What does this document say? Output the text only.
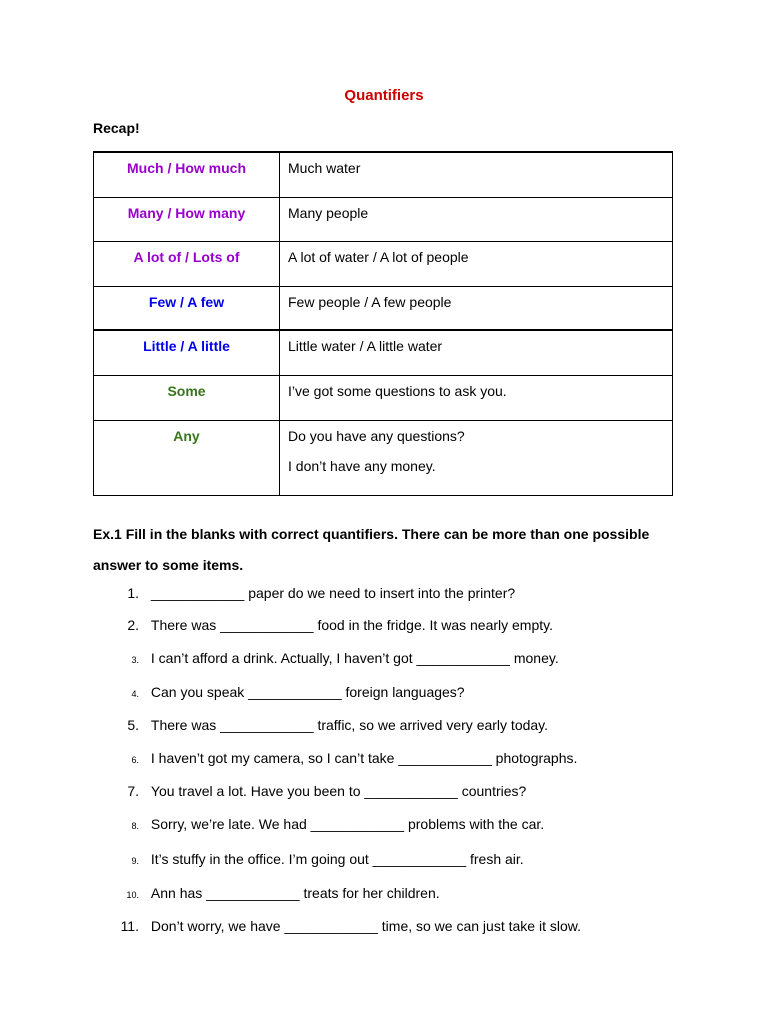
Quantifiers
Recap!
Much / How much	Much water

Many / How many	Many people

A lot of / Lots of	A lot of water / A lot of people

Few / A few	Few people / A few people

Little / A little	Little water / A little water

Some	I’ve got some questions to ask you.

Any	Do you have any questions?

I don’t have any money.

Ex.1 Fill in the blanks with correct quantifiers. There can be more than one possible answer to some items.
1. ____________ paper do we need to insert into the printer?
2. There was ____________ food in the fridge. It was nearly empty.
3. I can’t afford a drink. Actually, I haven’t got ____________ money.
4. Can you speak ____________ foreign languages?
5. There was ____________ traffic, so we arrived very early today.
6. I haven’t got my camera, so I can’t take ____________ photographs.
7. You travel a lot. Have you been to ____________ countries?
8. Sorry, we’re late. We had ____________ problems with the car.
9. It’s stuffy in the office. I’m going out ____________ fresh air.
10. Ann has ____________ treats for her children.
11. Don’t worry, we have ____________ time, so we can just take it slow.
